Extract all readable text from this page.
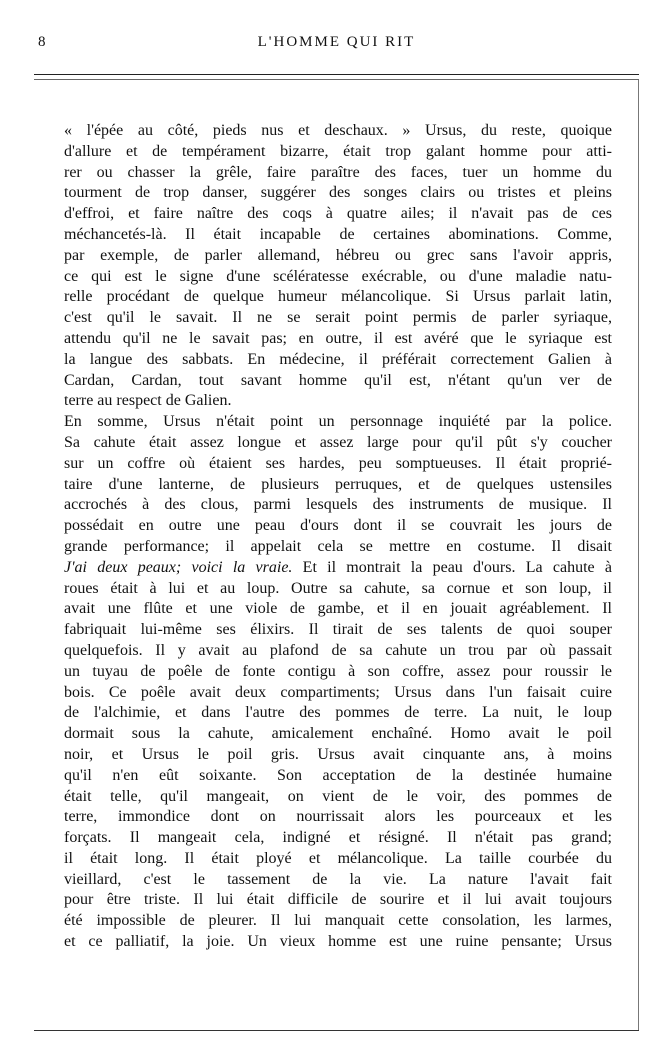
8	L'HOMME QUI RIT
« l'épée au côté, pieds nus et deschaux. » Ursus, du reste, quoique
d'allure et de tempérament bizarre, était trop galant homme pour atti-
rer ou chasser la grêle, faire paraître des faces, tuer un homme du
tourment de trop danser, suggérer des songes clairs ou tristes et pleins
d'effroi, et faire naître des coqs à quatre ailes; il n'avait pas de ces
méchancetés-là. Il était incapable de certaines abominations. Comme,
par exemple, de parler allemand, hébreu ou grec sans l'avoir appris,
ce qui est le signe d'une scélératesse exécrable, ou d'une maladie natu-
relle procédant de quelque humeur mélancolique. Si Ursus parlait latin,
c'est qu'il le savait. Il ne se serait point permis de parler syriaque,
attendu qu'il ne le savait pas; en outre, il est avéré que le syriaque est
la langue des sabbats. En médecine, il préférait correctement Galien à
Cardan, Cardan, tout savant homme qu'il est, n'étant qu'un ver de
terre au respect de Galien.
En somme, Ursus n'était point un personnage inquiété par la police.
Sa cahute était assez longue et assez large pour qu'il pût s'y coucher
sur un coffre où étaient ses hardes, peu somptueuses. Il était proprié-
taire d'une lanterne, de plusieurs perruques, et de quelques ustensiles
accrochés à des clous, parmi lesquels des instruments de musique. Il
possédait en outre une peau d'ours dont il se couvrait les jours de
grande performance; il appelait cela se mettre en costume. Il disait
J'ai deux peaux; voici la vraie. Et il montrait la peau d'ours. La cahute à
roues était à lui et au loup. Outre sa cahute, sa cornue et son loup, il
avait une flûte et une viole de gambe, et il en jouait agréablement. Il
fabriquait lui-même ses élixirs. Il tirait de ses talents de quoi souper
quelquefois. Il y avait au plafond de sa cahute un trou par où passait
un tuyau de poêle de fonte contigu à son coffre, assez pour roussir le
bois. Ce poêle avait deux compartiments; Ursus dans l'un faisait cuire
de l'alchimie, et dans l'autre des pommes de terre. La nuit, le loup
dormait sous la cahute, amicalement enchaîné. Homo avait le poil
noir, et Ursus le poil gris. Ursus avait cinquante ans, à moins
qu'il n'en eût soixante. Son acceptation de la destinée humaine
était telle, qu'il mangeait, on vient de le voir, des pommes de
terre, immondice dont on nourrissait alors les pourceaux et les
forçats. Il mangeait cela, indigné et résigné. Il n'était pas grand;
il était long. Il était ployé et mélancolique. La taille courbée du
vieillard, c'est le tassement de la vie. La nature l'avait fait
pour être triste. Il lui était difficile de sourire et il lui avait toujours
été impossible de pleurer. Il lui manquait cette consolation, les larmes,
et ce palliatif, la joie. Un vieux homme est une ruine pensante; Ursus
